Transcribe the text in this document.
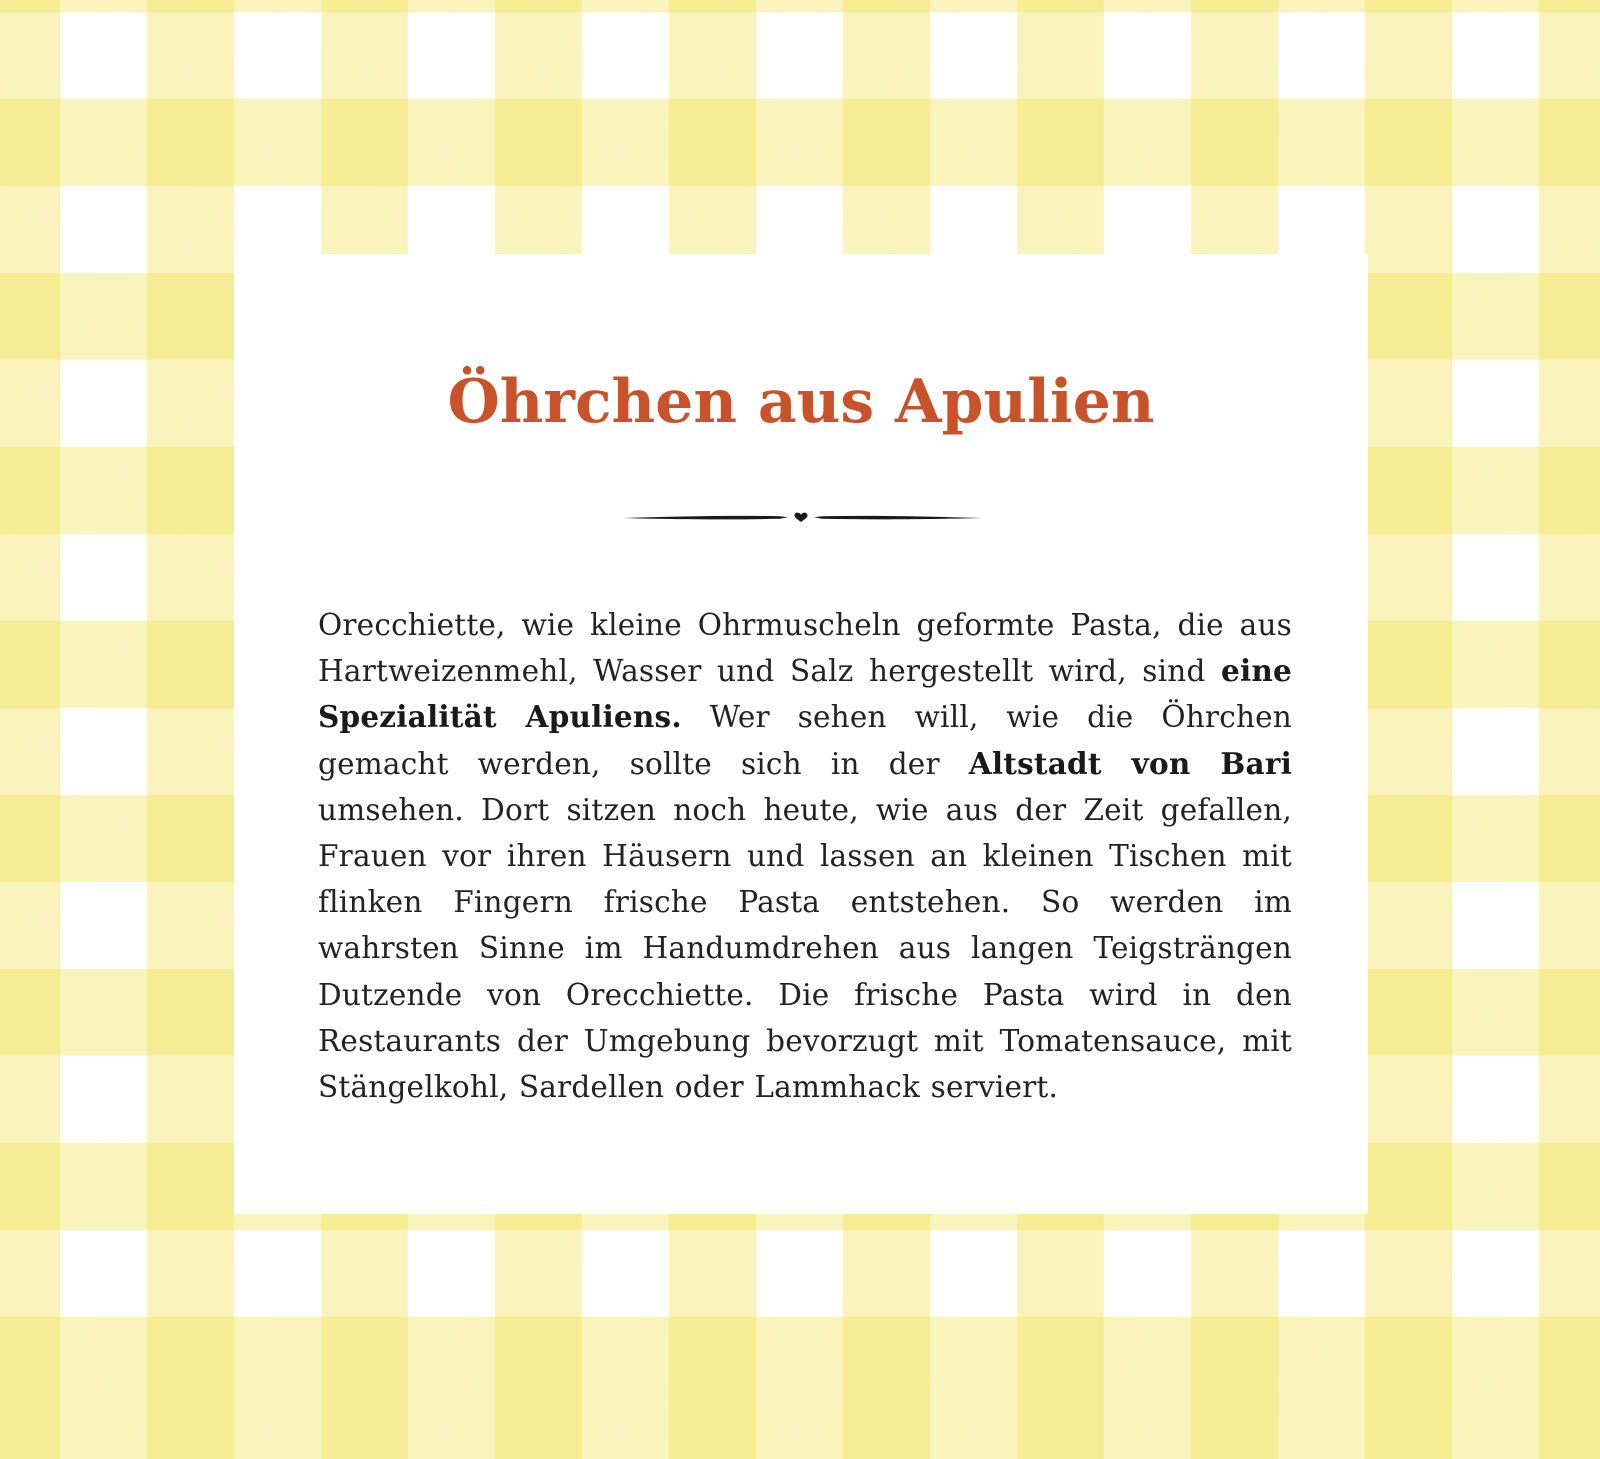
Öhrchen aus Apulien

Orecchiette, wie kleine Ohrmuscheln geformte Pasta, die aus Hartweizenmehl, Wasser und Salz hergestellt wird, sind eine Spezialität Apuliens. Wer sehen will, wie die Öhrchen gemacht werden, sollte sich in der Altstadt von Bari umsehen. Dort sitzen noch heute, wie aus der Zeit gefallen, Frauen vor ihren Häusern und lassen an kleinen Tischen mit flinken Fingern frische Pasta entstehen. So werden im wahrsten Sinne im Handumdrehen aus langen Teigsträngen Dutzende von Orecchiette. Die frische Pasta wird in den Restaurants der Umgebung bevorzugt mit Tomatensauce, mit Stängelkohl, Sardellen oder Lammhack serviert.
